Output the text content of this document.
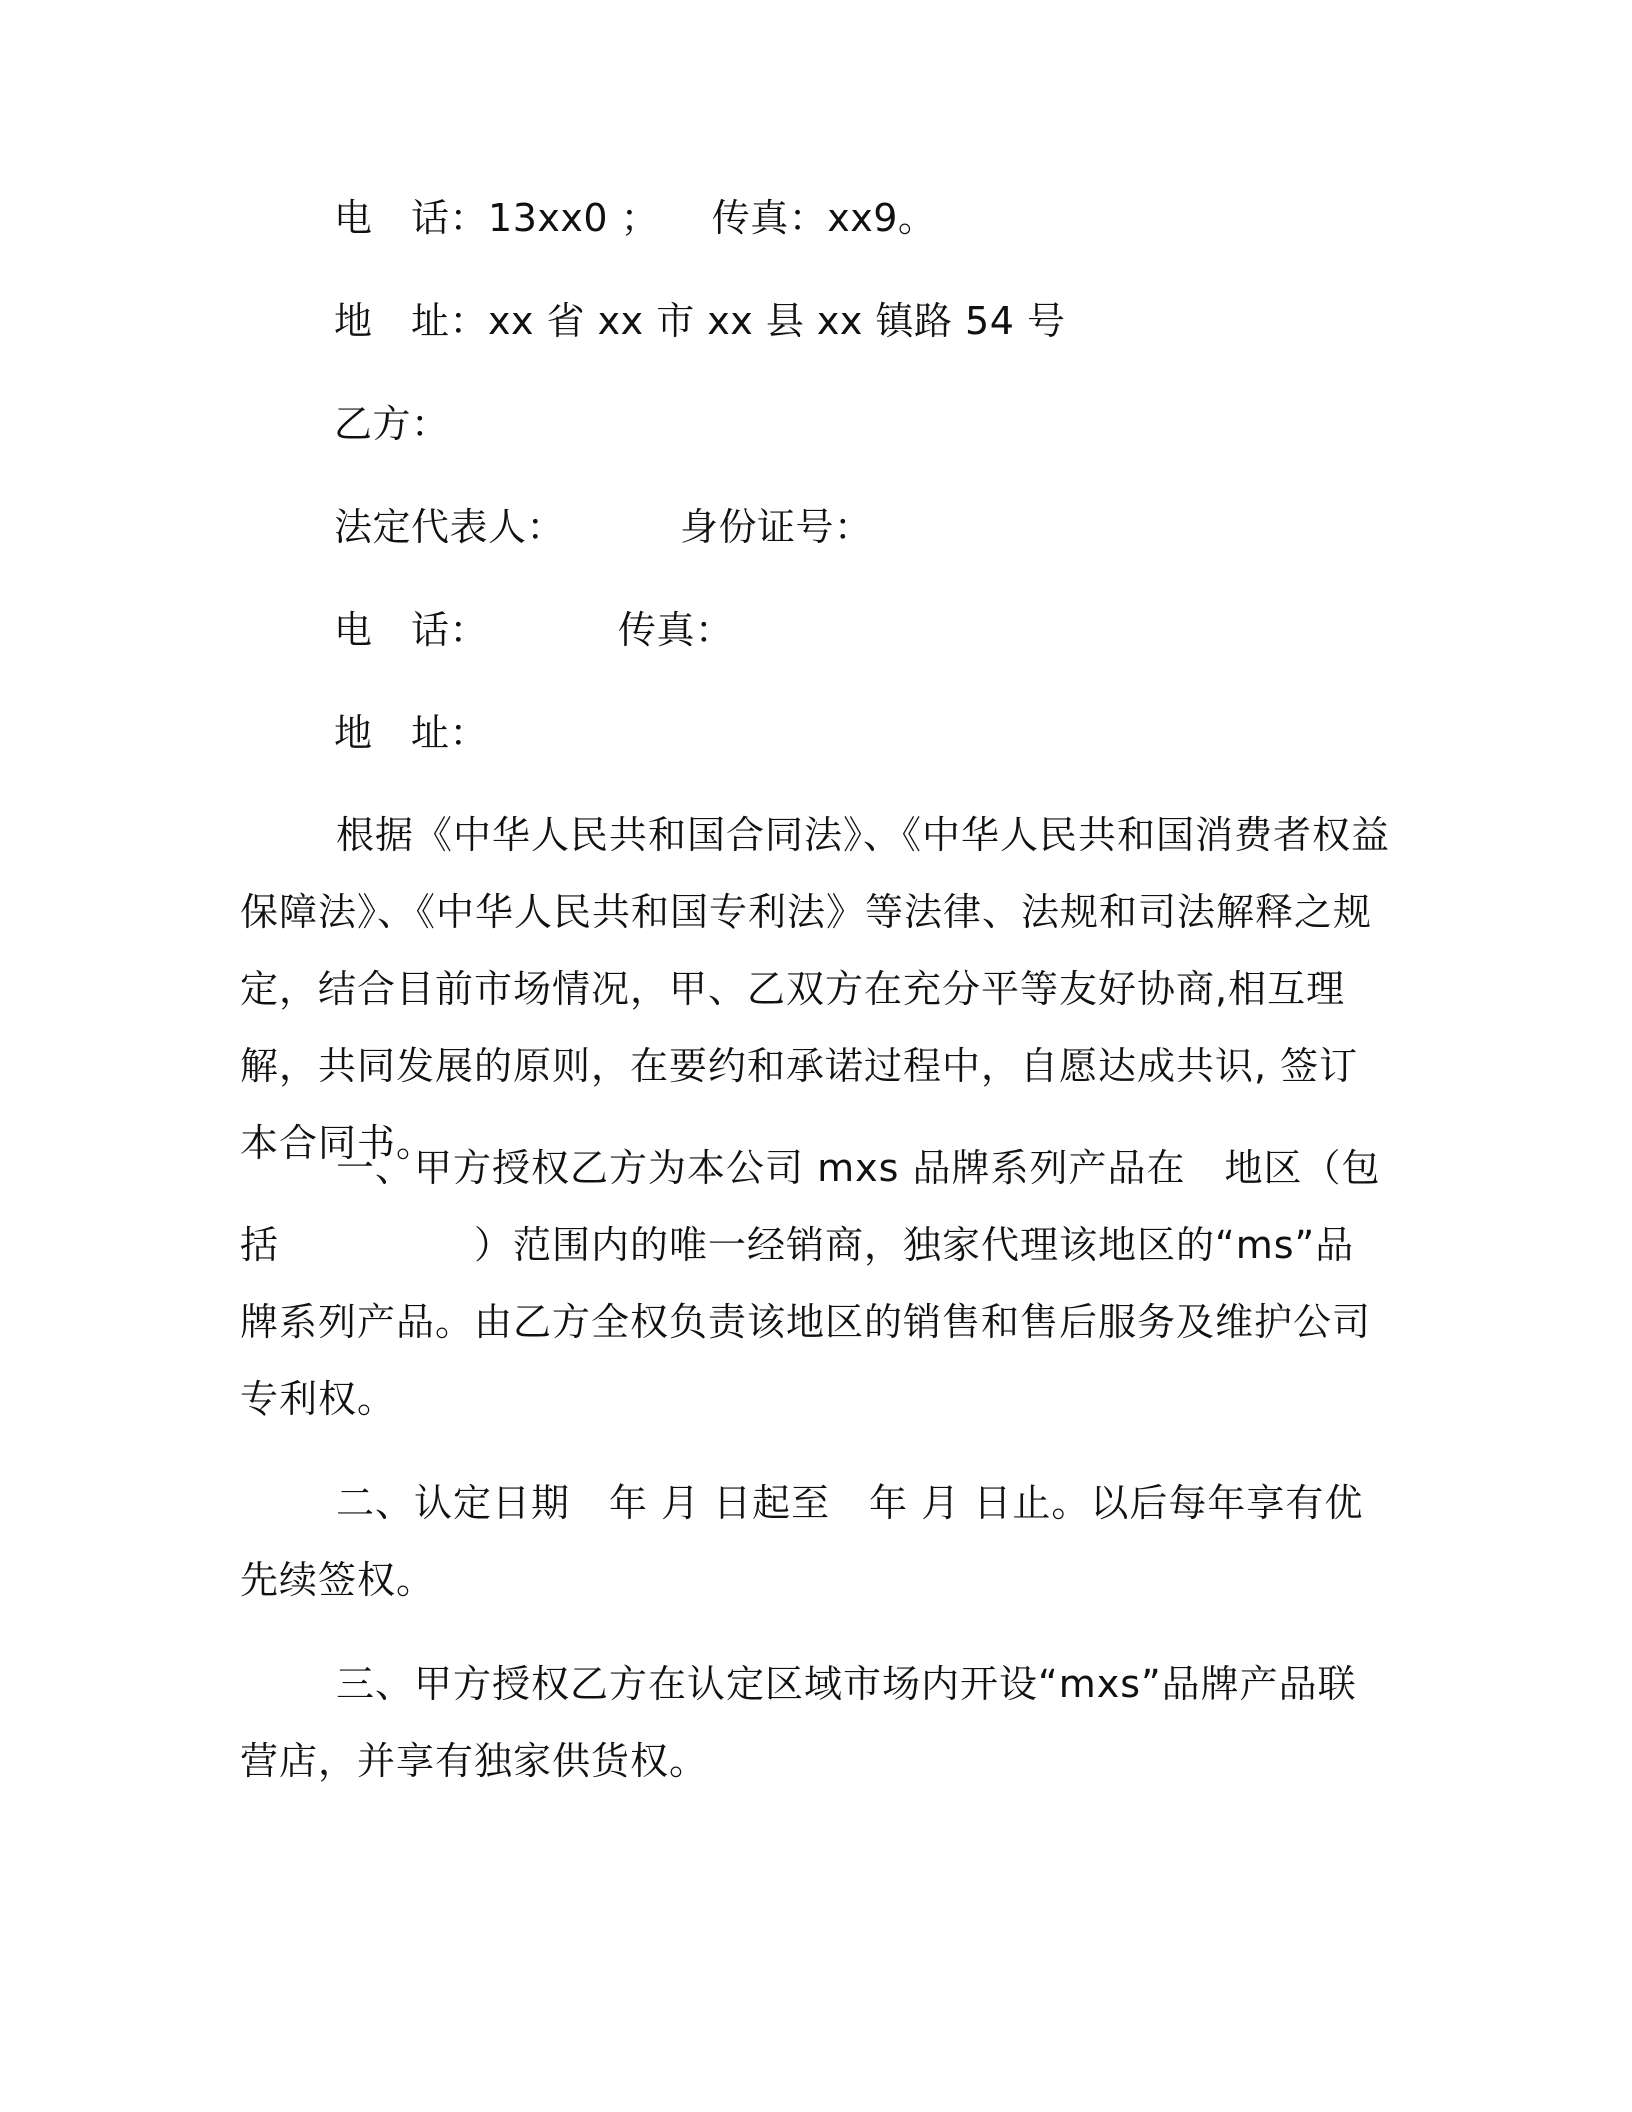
电　话：13xx0 ； 传真：xx9。
地　址：xx 省 xx 市 xx 县 xx 镇路 54 号
乙方：
法定代表人：	身份证号：
电　话：	传真：
地　址：
根据《中华人民共和国合同法》、《中华人民共和国消费者权益保障法》、《中华人民共和国专利法》等法律、法规和司法解释之规定，结合目前市场情况，甲、乙双方在充分平等友好协商,相互理解，共同发展的原则，在要约和承诺过程中，自愿达成共识, 签订本合同书。
一、甲方授权乙方为本公司 mxs 品牌系列产品在　地区（包括　　　　　）范围内的唯一经销商，独家代理该地区的“ms”品牌系列产品。由乙方全权负责该地区的销售和售后服务及维护公司专利权。
二、认定日期　年 月 日起至　年 月 日止。以后每年享有优先续签权。
三、甲方授权乙方在认定区域市场内开设“mxs”品牌产品联营店，并享有独家供货权。
